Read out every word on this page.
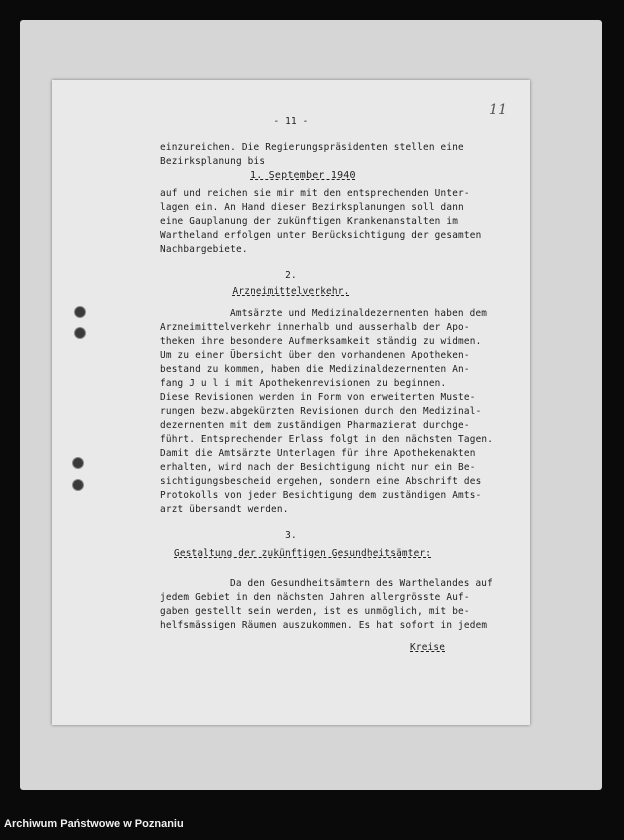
- 11 -
11
einzureichen. Die Regierungspräsidenten stellen eine
Bezirksplanung bis
1. September 1940
auf und reichen sie mir mit den entsprechenden Unter-
lagen ein. An Hand dieser Bezirksplanungen soll dann
eine Gauplanung der zukünftigen Krankenanstalten im
Wartheland erfolgen unter Berücksichtigung der gesamten
Nachbargebiete.
2.
Arzneimittelverkehr.
Amtsärzte und Medizinaldezernenten haben dem
Arzneimittelverkehr innerhalb und ausserhalb der Apo-
theken ihre besondere Aufmerksamkeit ständig zu widmen.
Um zu einer Übersicht über den vorhandenen Apotheken-
bestand zu kommen, haben die Medizinaldezernenten An-
fang J u l i mit Apothekenrevisionen zu beginnen.
Diese Revisionen werden in Form von erweiterten Muste-
rungen bezw.abgekürzten Revisionen durch den Medizinal-
dezernenten mit dem zuständigen Pharmazierat durchge-
führt. Entsprechender Erlass folgt in den nächsten Tagen.
Damit die Amtsärzte Unterlagen für ihre Apothekenakten
erhalten, wird nach der Besichtigung nicht nur ein Be-
sichtigungsbescheid ergehen, sondern eine Abschrift des
Protokolls von jeder Besichtigung dem zuständigen Amts-
arzt übersandt werden.
3.
Gestaltung der zukünftigen Gesundheitsämter:
Da den Gesundheitsämtern des Warthelandes auf
jedem Gebiet in den nächsten Jahren allergrösste Auf-
gaben gestellt sein werden, ist es unmöglich, mit be-
helfsmässigen Räumen auszukommen. Es hat sofort in jedem
Kreise
Archiwum Państwowe w Poznaniu
